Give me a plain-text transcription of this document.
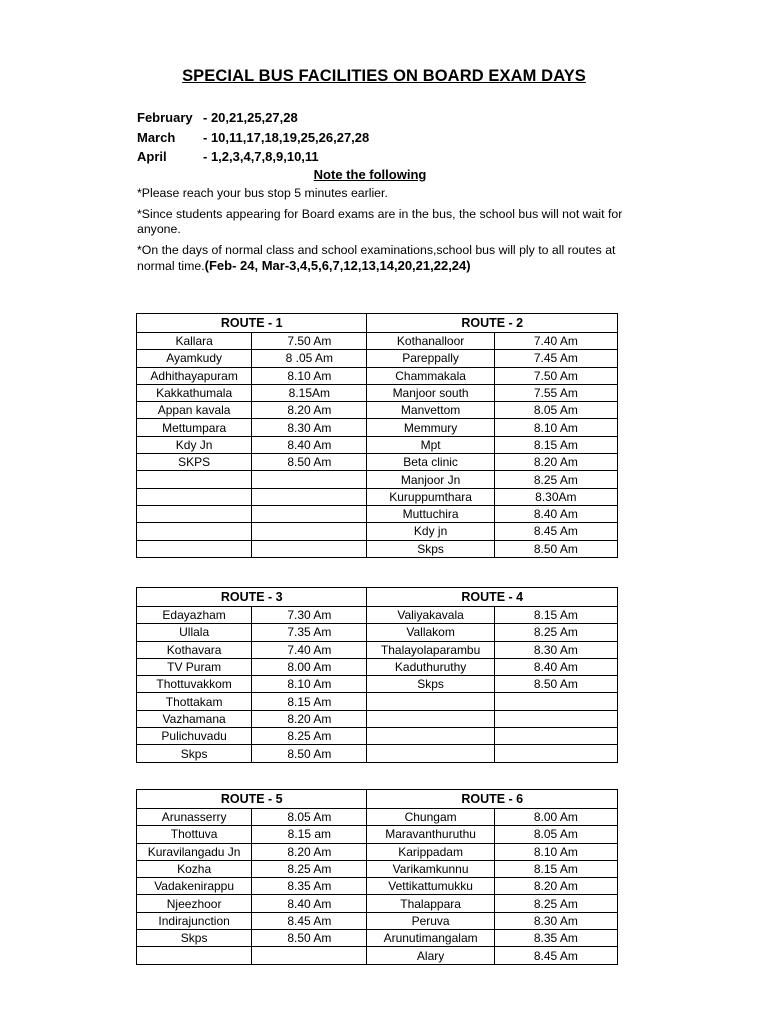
SPECIAL BUS FACILITIES ON BOARD EXAM DAYS
February - 20,21,25,27,28
March - 10,11,17,18,19,25,26,27,28
April	- 1,2,3,4,7,8,9,10,11
Note the following

*Please reach your bus stop 5 minutes earlier.

*Since students appearing for Board exams are in the bus, the school bus will not wait for anyone.

*On the days of normal class and school examinations,school bus will ply to all routes at normal time.(Feb- 24, Mar-3,4,5,6,7,12,13,14,20,21,22,24)

ROUTE - 1		ROUTE - 2	
Kallara	7.50 Am	Kothanalloor	7.40 Am
Ayamkudy	8 .05 Am	Pareppally	7.45 Am
Adhithayapuram	8.10 Am	Chammakala	7.50 Am
Kakkathumala	8.15Am	Manjoor south	7.55 Am
Appan kavala	8.20 Am	Manvettom	8.05 Am
Mettumpara	8.30 Am	Memmury	8.10 Am
Kdy Jn	8.40 Am	Mpt	8.15 Am
SKPS	8.50 Am	Beta clinic	8.20 Am
		Manjoor Jn	8.25 Am
		Kuruppumthara	8.30Am
		Muttuchira	8.40 Am
		Kdy jn	8.45 Am
		Skps	8.50 Am
ROUTE - 3		ROUTE - 4	
Edayazham	7.30 Am	Valiyakavala	8.15 Am
Ullala	7.35 Am	Vallakom	8.25 Am
Kothavara	7.40 Am	Thalayolaparambu	8.30 Am
TV Puram	8.00 Am	Kaduthuruthy	8.40 Am
Thottuvakkom	8.10 Am	Skps	8.50 Am
Thottakam	8.15 Am		
Vazhamana	8.20 Am		
Pulichuvadu	8.25 Am		
Skps	8.50 Am		
ROUTE - 5		ROUTE - 6	
Arunasserry	8.05 Am	Chungam	8.00 Am
Thottuva	8.15 am	Maravanthuruthu	8.05 Am
Kuravilangadu Jn	8.20 Am	Karippadam	8.10 Am
Kozha	8.25 Am	Varikamkunnu	8.15 Am
Vadakenirappu	8.35 Am	Vettikattumukku	8.20 Am
Njeezhoor	8.40 Am	Thalappara	8.25 Am
Indirajunction	8.45 Am	Peruva	8.30 Am
Skps	8.50 Am	Arunutimangalam	8.35 Am
		Alary	8.45 Am
